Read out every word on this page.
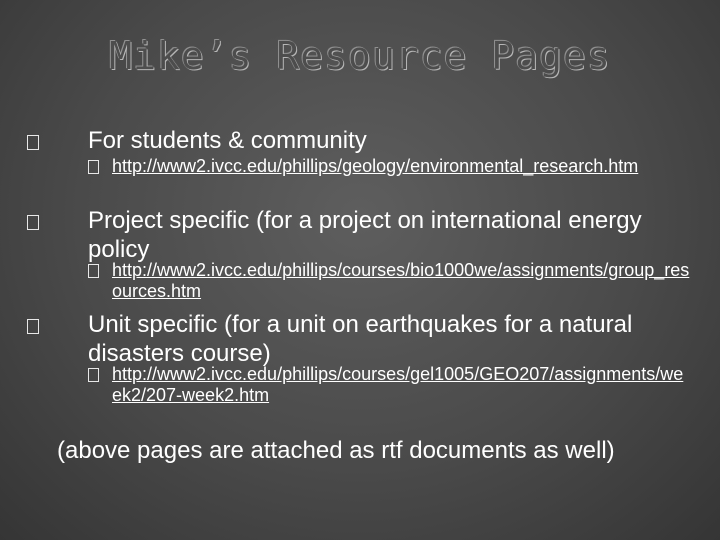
Mike’s Resource Pages
For students & community
http://www2.ivcc.edu/phillips/geology/environmental_research.htm
Project specific (for a project on international energy policy
http://www2.ivcc.edu/phillips/courses/bio1000we/assignments/group_resources.htm
Unit specific (for a unit on earthquakes for a natural disasters course)
http://www2.ivcc.edu/phillips/courses/gel1005/GEO207/assignments/week2/207-week2.htm
(above pages are attached as rtf documents as well)
